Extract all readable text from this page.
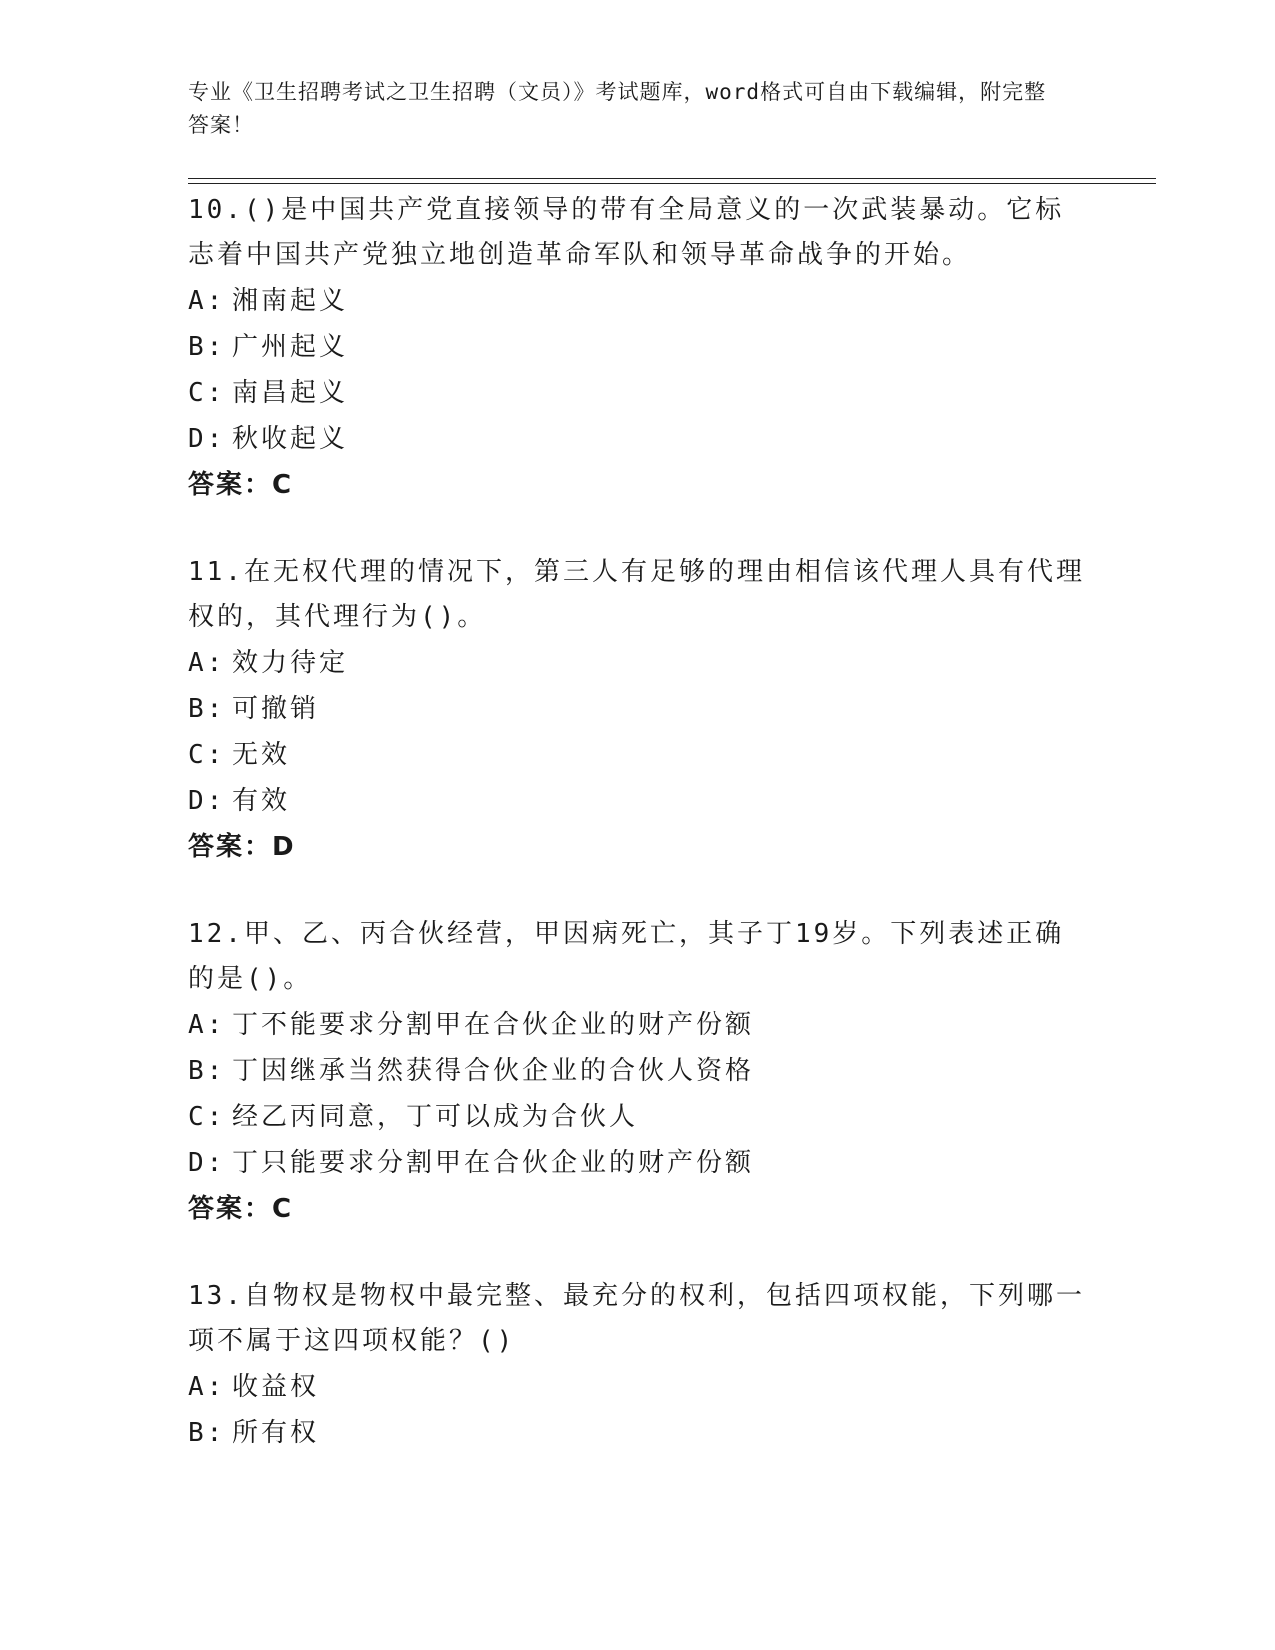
专业《卫生招聘考试之卫生招聘（文员）》考试题库，word格式可自由下载编辑，附完整答案！

10.()是中国共产党直接领导的带有全局意义的一次武装暴动。它标志着中国共产党独立地创造革命军队和领导革命战争的开始。

A: 湘南起义
B: 广州起义
C: 南昌起义
D: 秋收起义
答案：C

11.在无权代理的情况下，第三人有足够的理由相信该代理人具有代理权的，其代理行为()。

A: 效力待定
B: 可撤销
C: 无效
D: 有效
答案：D

12.甲、乙、丙合伙经营，甲因病死亡，其子丁19岁。下列表述正确的是()。

A: 丁不能要求分割甲在合伙企业的财产份额
B: 丁因继承当然获得合伙企业的合伙人资格
C: 经乙丙同意，丁可以成为合伙人
D: 丁只能要求分割甲在合伙企业的财产份额
答案：C

13.自物权是物权中最完整、最充分的权利，包括四项权能，下列哪一项不属于这四项权能？()

A: 收益权
B: 所有权
